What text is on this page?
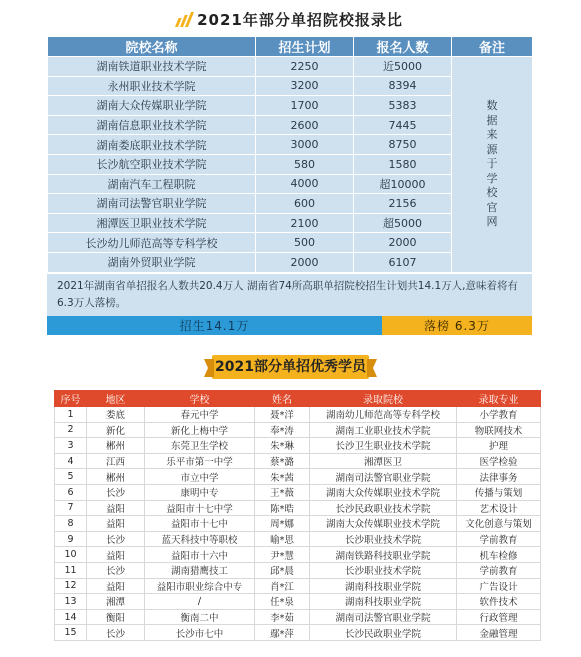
2021年部分单招院校报录比
院校名称	招生计划	报名人数	备注
湖南铁道职业技术学院	2250	近5000	数据来源于学校官网

永州职业技术学院	3200	8394	
湖南大众传媒职业学院	1700	5383	
湖南信息职业技术学院	2600	7445	
湖南娄底职业技术学院	3000	8750	
长沙航空职业技术学院	580	1580	
湖南汽车工程职院	4000	超10000	
湖南司法警官职业学院	600	2156	
湘潭医卫职业技术学院	2100	超5000	
长沙幼儿师范高等专科学校	500	2000	
湖南外贸职业学院	2000	6107	
2021年湖南省单招报名人数共20.4万人 湖南省74所高职单招院校招生计划共14.1万人,意味着将有6.3万人落榜。
招生14.1万	落榜 6.3万
2021部分单招优秀学员
序号	地区	学校	姓名	录取院校	录取专业
1	娄底	春元中学	聂*洋	湖南幼儿师范高等专科学校	小学教育
2	新化	新化上梅中学	奉*涛	湖南工业职业技术学院	物联网技术
3	郴州	东莞卫生学校	朱*琳	长沙卫生职业技术学院	护理
4	江西	乐平市第一中学	蔡*潞	湘潭医卫	医学检验
5	郴州	市立中学	朱*茜	湖南司法警官职业学院	法律事务
6	长沙	康明中专	王*薇	湖南大众传媒职业技术学院	传播与策划
7	益阳	益阳市十七中学	陈*晧	长沙民政职业技术学院	艺术设计
8	益阳	益阳市十七中	周*娜	湖南大众传媒职业技术学院	文化创意与策划
9	长沙	蓝天科技中等职校	喻*思	长沙职业技术学院	学前教育
10	益阳	益阳市十六中	尹*慧	湖南铁路科技职业学院	机车检修
11	长沙	湖南猎鹰技工	邱*晨	长沙职业技术学院	学前教育
12	益阳	益阳市职业综合中专	肖*江	湖南科技职业学院	广告设计
13	湘潭	/	任*泉	湖南科技职业学院	软件技术
14	衡阳	衡南二中	李*茹	湖南司法警官职业学院	行政管理
15	长沙	长沙市七中	鄢*萍	长沙民政职业学院	金融管理
